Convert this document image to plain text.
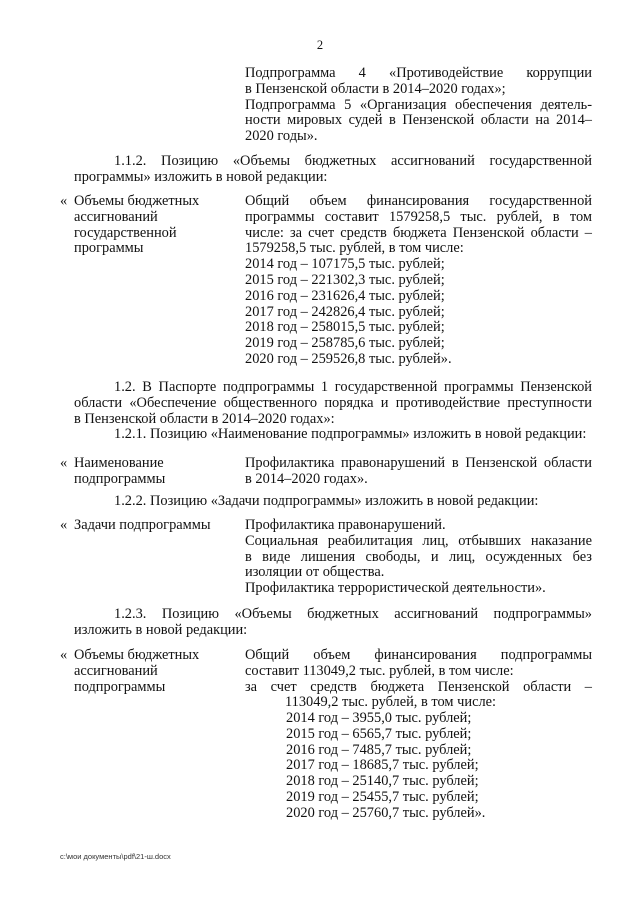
2
Подпрограмма 4 «Противодействие коррупции
в Пензенской области в 2014–2020 годах»;
Подпрограмма 5 «Организация обеспечения деятель-
ности мировых судей в Пензенской области на 2014–
2020 годы».
1.1.2. Позицию «Объемы бюджетных ассигнований государственной
программы» изложить в новой редакции:
« Объемы бюджетных
ассигнований
государственной
программы
Общий объем финансирования государственной
программы составит 1579258,5 тыс. рублей, в том
числе: за счет средств бюджета Пензенской области –
1579258,5 тыс. рублей, в том числе:
2014 год – 107175,5 тыс. рублей;
2015 год – 221302,3 тыс. рублей;
2016 год – 231626,4 тыс. рублей;
2017 год – 242826,4 тыс. рублей;
2018 год – 258015,5 тыс. рублей;
2019 год – 258785,6 тыс. рублей;
2020 год – 259526,8 тыс. рублей».
1.2. В Паспорте подпрограммы 1 государственной программы Пензенской
области «Обеспечение общественного порядка и противодействие преступности
в Пензенской области в 2014–2020 годах»:
1.2.1. Позицию «Наименование подпрограммы» изложить в новой редакции:
« Наименование
подпрограммы
Профилактика правонарушений в Пензенской области
в 2014–2020 годах».
1.2.2. Позицию «Задачи подпрограммы» изложить в новой редакции:
« Задачи подпрограммы	Профилактика правонарушений.
Социальная реабилитация лиц, отбывших наказание
в виде лишения свободы, и лиц, осужденных без
изоляции от общества.
Профилактика террористической деятельности».
1.2.3. Позицию «Объемы бюджетных ассигнований подпрограммы»
изложить в новой редакции:
« Объемы бюджетных
ассигнований
подпрограммы
Общий объем финансирования подпрограммы
составит 113049,2 тыс. рублей, в том числе:
за счет средств бюджета Пензенской области –
113049,2 тыс. рублей, в том числе:
2014 год – 3955,0 тыс. рублей;
2015 год – 6565,7 тыс. рублей;
2016 год – 7485,7 тыс. рублей;
2017 год – 18685,7 тыс. рублей;
2018 год – 25140,7 тыс. рублей;
2019 год – 25455,7 тыс. рублей;
2020 год – 25760,7 тыс. рублей».
c:\мои документы\pdf\21-ш.docx
